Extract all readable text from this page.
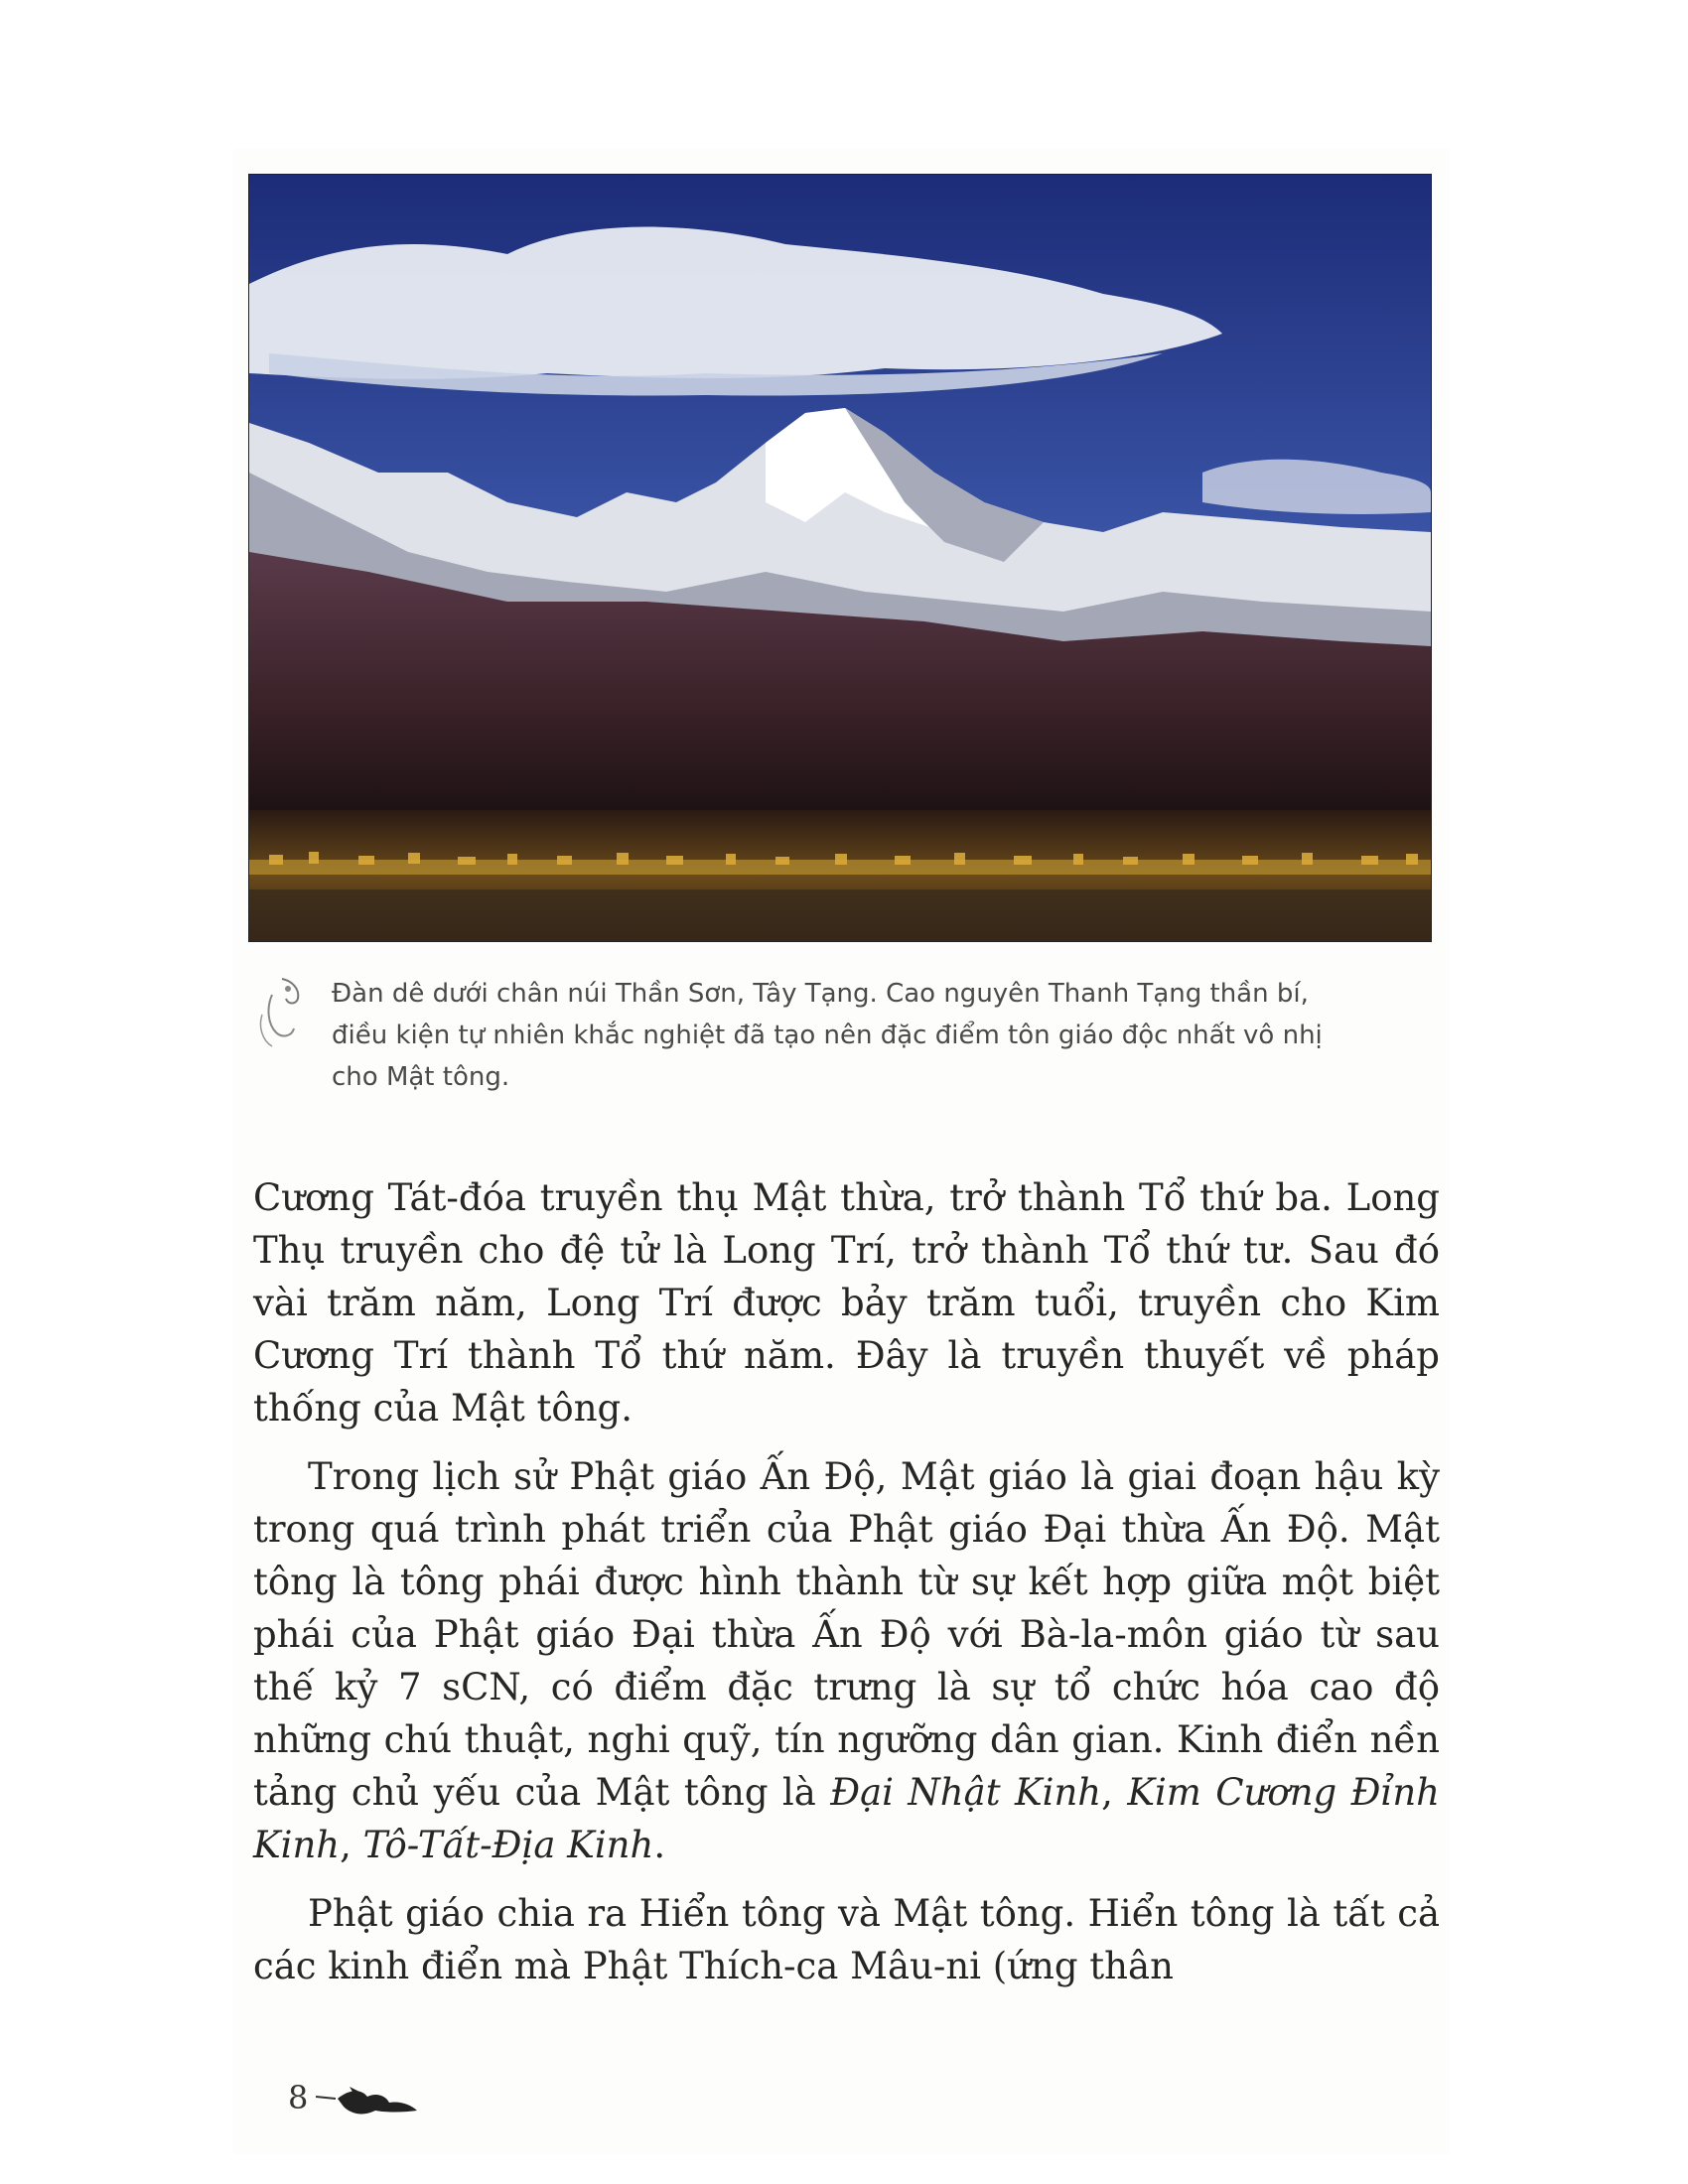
Đàn dê dưới chân núi Thần Sơn, Tây Tạng. Cao nguyên Thanh Tạng thần bí,
điều kiện tự nhiên khắc nghiệt đã tạo nên đặc điểm tôn giáo độc nhất vô nhị
cho Mật tông.

Cương Tát-đóa truyền thụ Mật thừa, trở thành Tổ thứ ba. Long Thụ truyền cho đệ tử là Long Trí, trở thành Tổ thứ tư. Sau đó vài trăm năm, Long Trí được bảy trăm tuổi, truyền cho Kim Cương Trí thành Tổ thứ năm. Đây là truyền thuyết về pháp thống của Mật tông.

Trong lịch sử Phật giáo Ấn Độ, Mật giáo là giai đoạn hậu kỳ trong quá trình phát triển của Phật giáo Đại thừa Ấn Độ. Mật tông là tông phái được hình thành từ sự kết hợp giữa một biệt phái của Phật giáo Đại thừa Ấn Độ với Bà-la-môn giáo từ sau thế kỷ 7 sCN, có điểm đặc trưng là sự tổ chức hóa cao độ những chú thuật, nghi quỹ, tín ngưỡng dân gian. Kinh điển nền tảng chủ yếu của Mật tông là Đại Nhật Kinh, Kim Cương Đỉnh Kinh, Tô-Tất-Địa Kinh.

Phật giáo chia ra Hiển tông và Mật tông. Hiển tông là tất cả các kinh điển mà Phật Thích-ca Mâu-ni (ứng thân

8
